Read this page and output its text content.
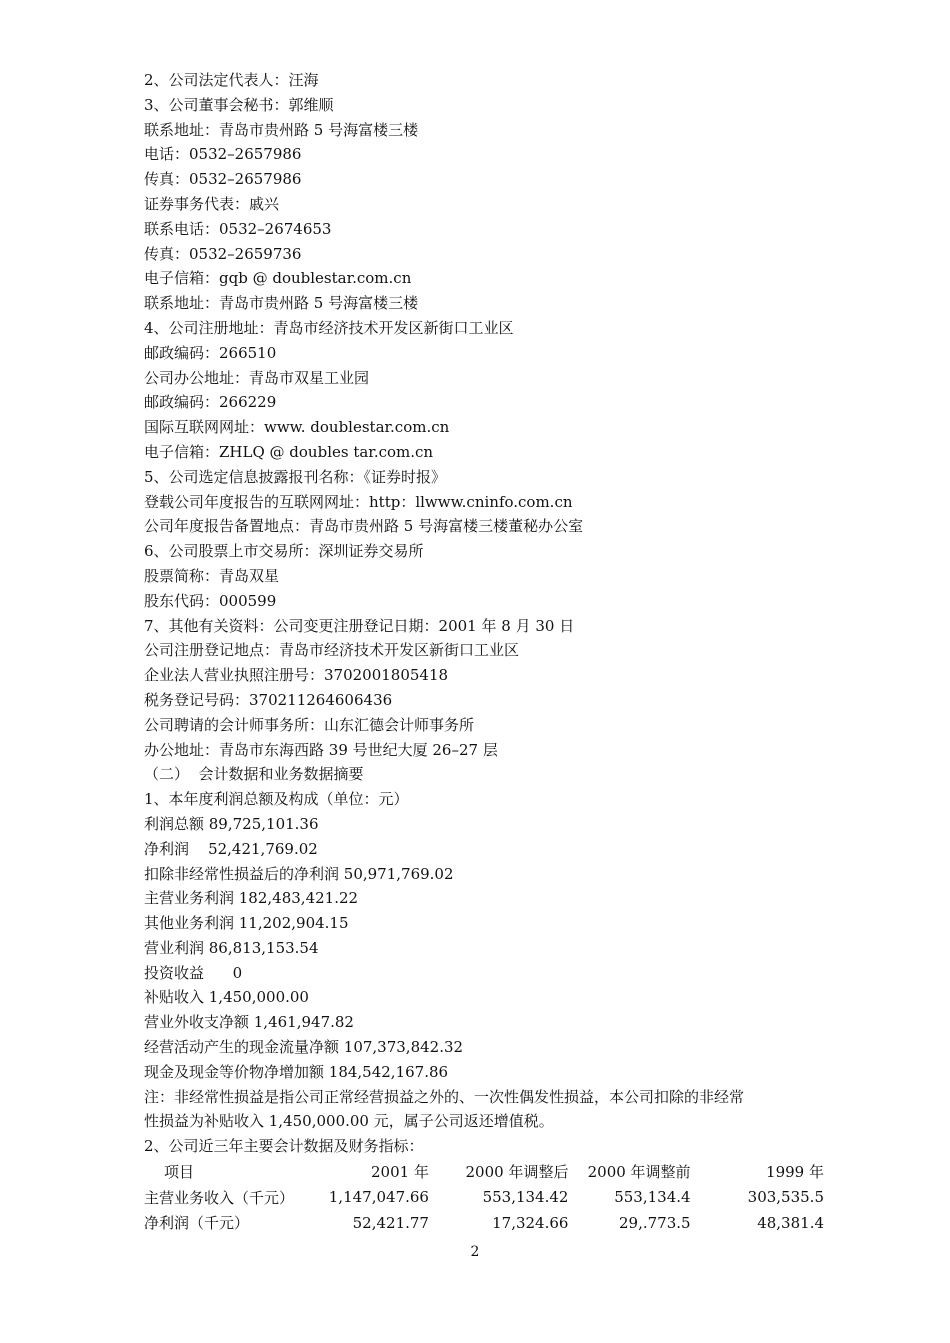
2、公司法定代表人：汪海
3、公司董事会秘书：郭维顺
联系地址：青岛市贵州路 5 号海富楼三楼
电话：0532–2657986
传真：0532–2657986
证券事务代表：戚兴
联系电话：0532–2674653
传真：0532–2659736
电子信箱：gqb @ doublestar.com.cn
联系地址：青岛市贵州路 5 号海富楼三楼
4、公司注册地址：青岛市经济技术开发区新街口工业区
邮政编码：266510
公司办公地址：青岛市双星工业园
邮政编码：266229
国际互联网网址：www. doublestar.com.cn
电子信箱：ZHLQ @ doubles tar.com.cn
5、公司选定信息披露报刊名称：《证券时报》
登载公司年度报告的互联网网址：http：llwww.cninfo.com.cn
公司年度报告备置地点：青岛市贵州路 5 号海富楼三楼董秘办公室
6、公司股票上市交易所：深圳证券交易所
股票简称：青岛双星
股东代码：000599
7、其他有关资料：公司变更注册登记日期：2001 年 8 月 30 日
公司注册登记地点：青岛市经济技术开发区新街口工业区
企业法人营业执照注册号：3702001805418
税务登记号码：370211264606436
公司聘请的会计师事务所：山东汇德会计师事务所
办公地址：青岛市东海西路 39 号世纪大厦 26–27 层
（二）  会计数据和业务数据摘要
1、本年度利润总额及构成（单位：元）
利润总额 89,725,101.36
净利润    52,421,769.02
扣除非经常性损益后的净利润 50,971,769.02
主营业务利润 182,483,421.22
其他业务利润 11,202,904.15
营业利润 86,813,153.54
投资收益      0
补贴收入 1,450,000.00
营业外收支净额 1,461,947.82
经营活动产生的现金流量净额 107,373,842.32
现金及现金等价物净增加额 184,542,167.86
注：非经常性损益是指公司正常经营损益之外的、一次性偶发性损益，本公司扣除的非经常
性损益为补贴收入 1,450,000.00 元，属子公司返还增值税。
2、公司近三年主要会计数据及财务指标：
项目	2001 年	2000 年调整后	2000 年调整前	1999 年
主营业务收入（千元）	1,147,047.66	553,134.42	553,134.4	303,535.5
净利润（千元）	52,421.77	17,324.66	29,.773.5	48,381.4
2
